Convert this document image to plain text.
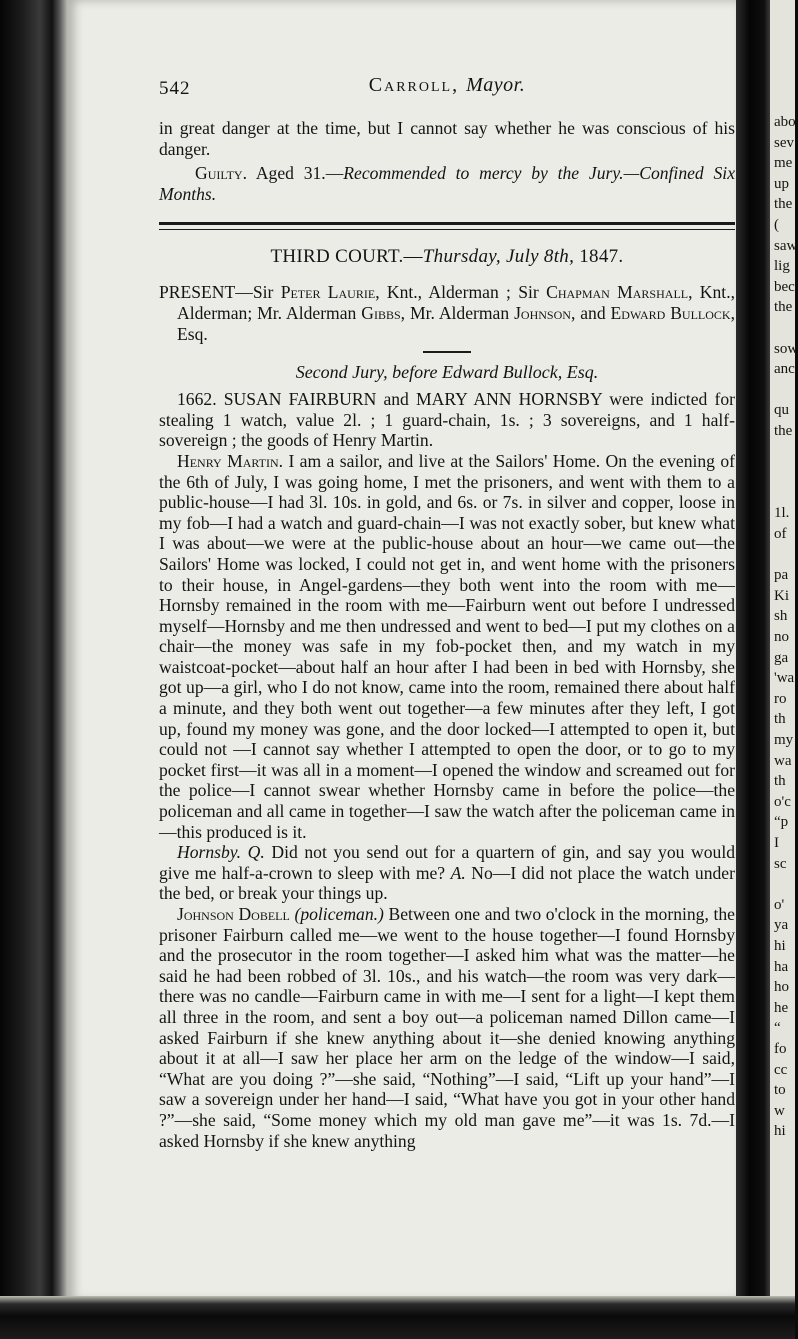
542	Carroll, Mayor.

in great danger at the time, but I cannot say whether he was conscious of his danger.

Guilty. Aged 31.—Recommended to mercy by the Jury.—Confined Six Months.

THIRD COURT.—Thursday, July 8th, 1847.

PRESENT—Sir Peter Laurie, Knt., Alderman ; Sir Chapman Marshall, Knt., Alderman; Mr. Alderman Gibbs, Mr. Alderman Johnson, and Edward Bullock, Esq.

Second Jury, before Edward Bullock, Esq.

1662. SUSAN FAIRBURN and MARY ANN HORNSBY were indicted for stealing 1 watch, value 2l. ; 1 guard-chain, 1s. ; 3 sovereigns, and 1 half-sovereign ; the goods of Henry Martin.

Henry Martin. I am a sailor, and live at the Sailors' Home. On the evening of the 6th of July, I was going home, I met the prisoners, and went with them to a public-house—I had 3l. 10s. in gold, and 6s. or 7s. in silver and copper, loose in my fob—I had a watch and guard-chain—I was not exactly sober, but knew what I was about—we were at the public-house about an hour—we came out—the Sailors' Home was locked, I could not get in, and went home with the prisoners to their house, in Angel-gardens—they both went into the room with me—Hornsby remained in the room with me—Fairburn went out before I undressed myself—Hornsby and me then undressed and went to bed—I put my clothes on a chair—the money was safe in my fob-pocket then, and my watch in my waistcoat-pocket—about half an hour after I had been in bed with Hornsby, she got up—a girl, who I do not know, came into the room, remained there about half a minute, and they both went out together—a few minutes after they left, I got up, found my money was gone, and the door locked—I attempted to open it, but could not —I cannot say whether I attempted to open the door, or to go to my pocket first—it was all in a moment—I opened the window and screamed out for the police—I cannot swear whether Hornsby came in before the police—the policeman and all came in together—I saw the watch after the policeman came in—this produced is it.

Hornsby. Q. Did not you send out for a quartern of gin, and say you would give me half-a-crown to sleep with me? A. No—I did not place the watch under the bed, or break your things up.

Johnson Dobell (policeman.) Between one and two o'clock in the morning, the prisoner Fairburn called me—we went to the house together—I found Hornsby and the prosecutor in the room together—I asked him what was the matter—he said he had been robbed of 3l. 10s., and his watch—the room was very dark—there was no candle—Fairburn came in with me—I sent for a light—I kept them all three in the room, and sent a boy out—a policeman named Dillon came—I asked Fairburn if she knew anything about it—she denied knowing anything about it at all—I saw her place her arm on the ledge of the window—I said, “What are you doing ?”—she said, “Nothing”—I said, “Lift up your hand”—I saw a sovereign under her hand—I said, “What have you got in your other hand ?”—she said, “Some money which my old man gave me”—it was 1s. 7d.—I asked Hornsby if she knew anything

abo
sev
me
up
the
(
saw
lig
bec
the
sow
anc
qu
the
1l.
of
pa
Ki
sh
no
ga
'wa
ro
th
my
wa
th
o'c
“p
I
sc
o'
ya
hi
ha
ho
he
“
fo
cc
to
w
hi
